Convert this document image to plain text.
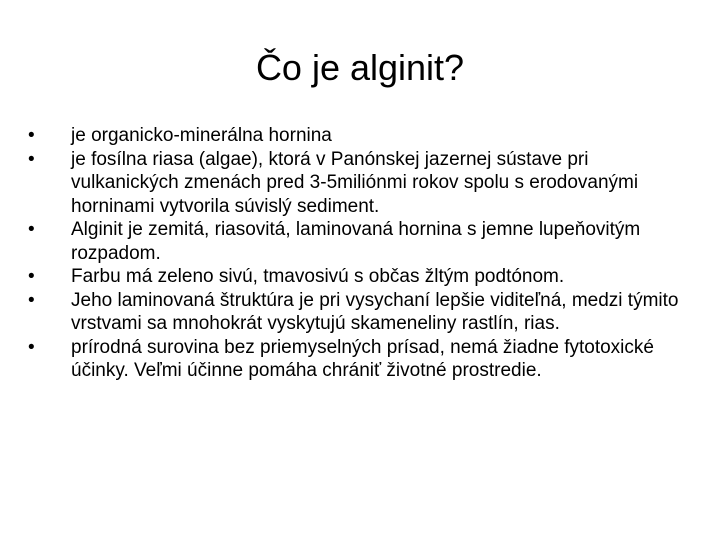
Čo je alginit?
•	je organicko-minerálna hornina
•	je fosílna riasa (algae), ktorá v Panónskej jazernej sústave pri vulkanických zmenách pred 3-5miliónmi rokov spolu s erodovanými horninami vytvorila súvislý sediment.
•	Alginit je zemitá, riasovitá, laminovaná hornina s jemne lupeňovitým rozpadom.
•	Farbu má zeleno sivú, tmavosivú s občas žltým podtónom.
•	Jeho laminovaná štruktúra je pri vysychaní lepšie viditeľná, medzi týmito vrstvami sa mnohokrát vyskytujú skameneliny rastlín, rias.
•	prírodná surovina bez priemyselných prísad, nemá žiadne fytotoxické účinky. Veľmi účinne pomáha chrániť životné prostredie.
